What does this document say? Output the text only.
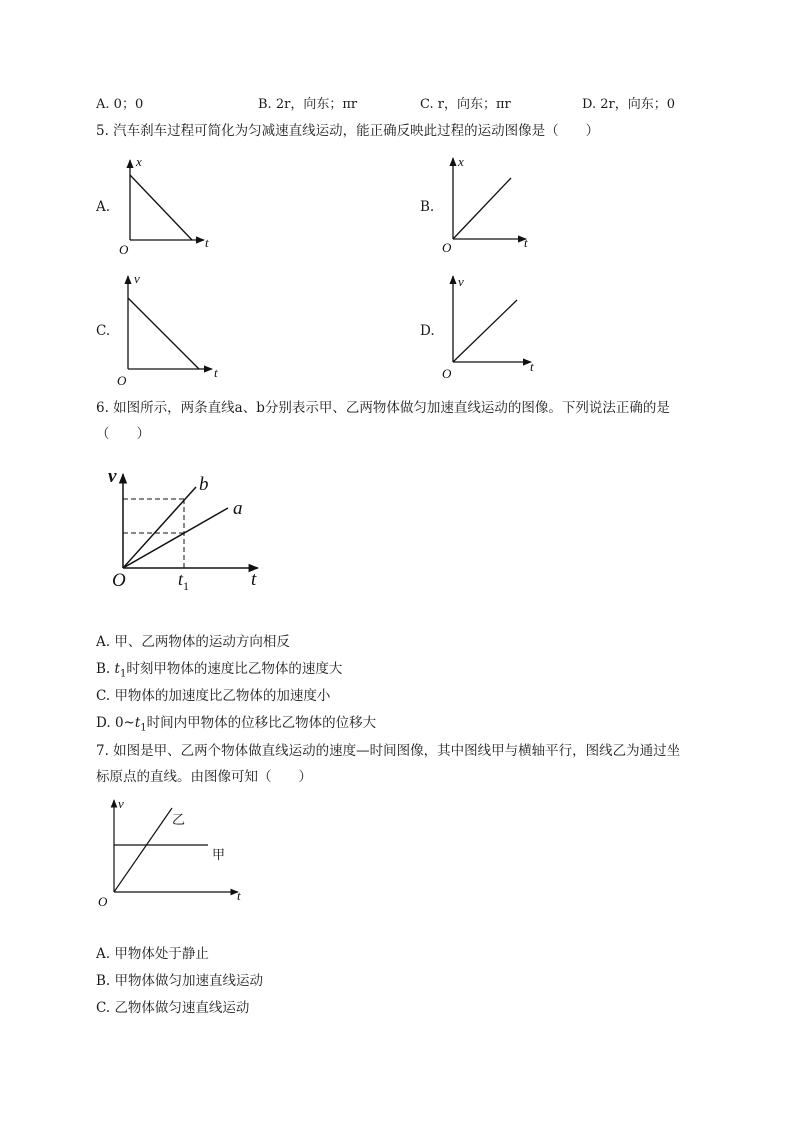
A. 0；0	B. 2r，向东；πr	C. r，向东；πr	D. 2r，向东；0
5. 汽车刹车过程可简化为匀减速直线运动，能正确反映此过程的运动图像是（　　）
A.	B.
C.	D.
x
t
O
x
t
O
v
t
O
v
t
O
v
t
O
b
a
$t_1$
v
t
O
乙
甲
6. 如图所示，两条直线a、b分别表示甲、乙两物体做匀加速直线运动的图像。下列说法正确的是
（　　）
A. 甲、乙两物体的运动方向相反
B. $t_1$时刻甲物体的速度比乙物体的速度大
C. 甲物体的加速度比乙物体的加速度小
D. $0\sim t_1$时间内甲物体的位移比乙物体的位移大
7. 如图是甲、乙两个物体做直线运动的速度—时间图像，其中图线甲与横轴平行，图线乙为通过坐
标原点的直线。由图像可知（　　）
A. 甲物体处于静止
B. 甲物体做匀加速直线运动
C. 乙物体做匀速直线运动
